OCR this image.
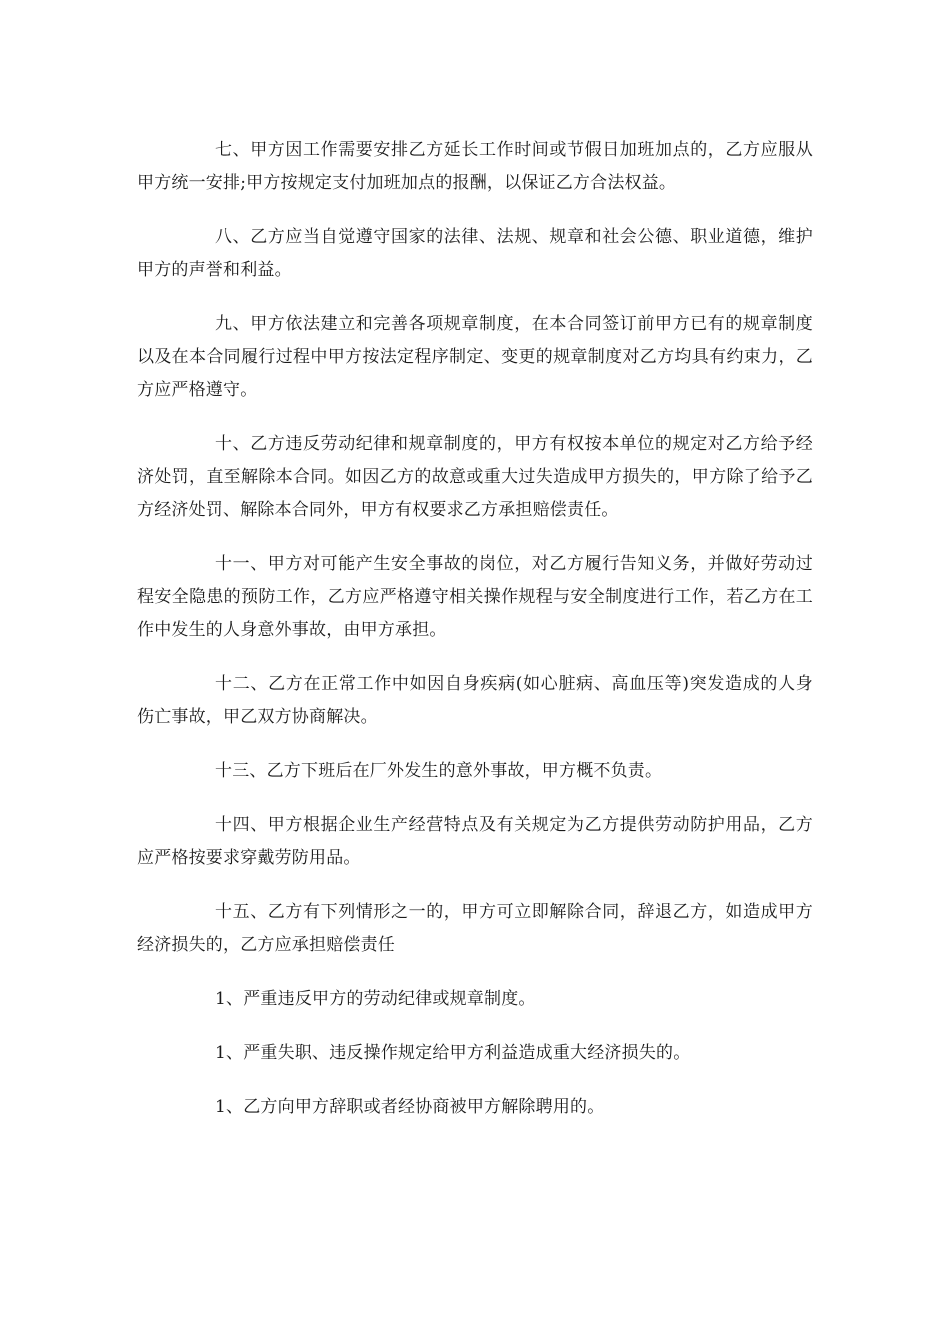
七、甲方因工作需要安排乙方延长工作时间或节假日加班加点的，乙方应服从甲方统一安排;甲方按规定支付加班加点的报酬，以保证乙方合法权益。

八、乙方应当自觉遵守国家的法律、法规、规章和社会公德、职业道德，维护甲方的声誉和利益。

九、甲方依法建立和完善各项规章制度，在本合同签订前甲方已有的规章制度以及在本合同履行过程中甲方按法定程序制定、变更的规章制度对乙方均具有约束力，乙方应严格遵守。

十、乙方违反劳动纪律和规章制度的，甲方有权按本单位的规定对乙方给予经济处罚，直至解除本合同。如因乙方的故意或重大过失造成甲方损失的，甲方除了给予乙方经济处罚、解除本合同外，甲方有权要求乙方承担赔偿责任。

十一、甲方对可能产生安全事故的岗位，对乙方履行告知义务，并做好劳动过程安全隐患的预防工作，乙方应严格遵守相关操作规程与安全制度进行工作，若乙方在工作中发生的人身意外事故，由甲方承担。

十二、乙方在正常工作中如因自身疾病(如心脏病、高血压等)突发造成的人身伤亡事故，甲乙双方协商解决。

十三、乙方下班后在厂外发生的意外事故，甲方概不负责。

十四、甲方根据企业生产经营特点及有关规定为乙方提供劳动防护用品，乙方应严格按要求穿戴劳防用品。

十五、乙方有下列情形之一的，甲方可立即解除合同，辞退乙方，如造成甲方经济损失的，乙方应承担赔偿责任

1、严重违反甲方的劳动纪律或规章制度。

1、严重失职、违反操作规定给甲方利益造成重大经济损失的。

1、乙方向甲方辞职或者经协商被甲方解除聘用的。
